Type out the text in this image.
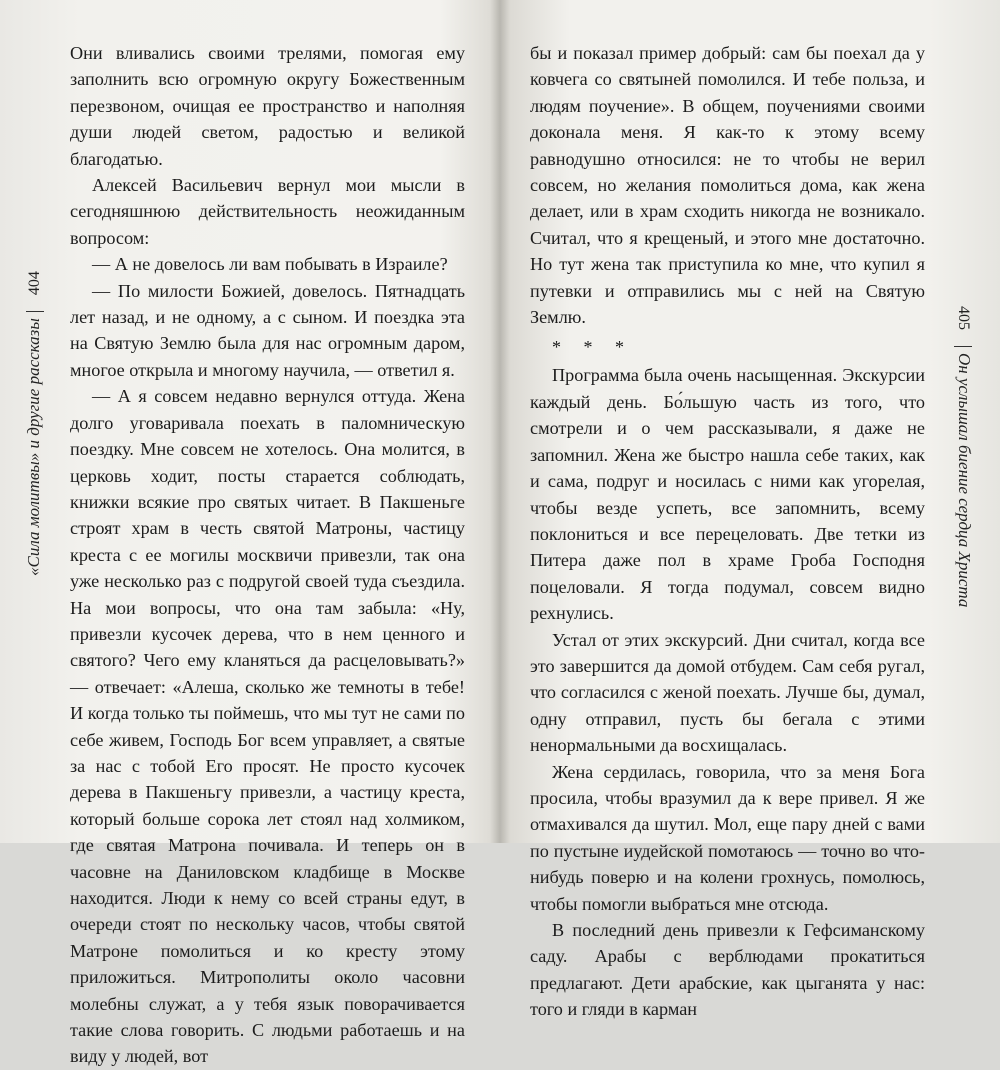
«Сила молитвы» и другие рассказы404

Они вливались своими трелями, помогая ему заполнить всю огромную округу Божественным перезвоном, очищая ее пространство и наполняя души людей светом, радостью и великой благодатью.

Алексей Васильевич вернул мои мысли в сегодняшнюю действительность неожиданным вопросом:

— А не довелось ли вам побывать в Израиле?

— По милости Божией, довелось. Пятнадцать лет назад, и не одному, а с сыном. И поездка эта на Святую Землю была для нас огромным даром, многое открыла и многому научила, — ответил я.

— А я совсем недавно вернулся оттуда. Жена долго уговаривала поехать в паломническую поездку. Мне совсем не хотелось. Она молится, в церковь ходит, посты старается соблюдать, книжки всякие про святых читает. В Пакшеньге строят храм в честь святой Матроны, частицу креста с ее могилы москвичи привезли, так она уже несколько раз с подругой своей туда съездила. На мои вопросы, что она там забыла: «Ну, привезли кусочек дерева, что в нем ценного и святого? Чего ему кланяться да расцеловывать?» — отвечает: «Алеша, сколько же темноты в тебе! И когда только ты поймешь, что мы тут не сами по себе живем, Господь Бог всем управляет, а святые за нас с тобой Его просят. Не просто кусочек дерева в Пакшеньгу привезли, а частицу креста, который больше сорока лет стоял над холмиком, где святая Матрона почивала. И теперь он в часовне на Даниловском кладбище в Москве находится. Люди к нему со всей страны едут, в очереди стоят по нескольку часов, чтобы святой Матроне помолиться и ко кресту этому приложиться. Митрополиты около часовни молебны служат, а у тебя язык поворачивается такие слова говорить. С людьми работаешь и на виду у людей, вот

бы и показал пример добрый: сам бы поехал да у ковчега со святыней помолился. И тебе польза, и людям поучение». В общем, поучениями своими доконала меня. Я как-то к этому всему равнодушно относился: не то чтобы не верил совсем, но желания помолиться дома, как жена делает, или в храм сходить никогда не возникало. Считал, что я крещеный, и этого мне достаточно. Но тут жена так приступила ко мне, что купил я путевки и отправились мы с ней на Святую Землю.

* * *

Программа была очень насыщенная. Экскурсии каждый день. Бо́льшую часть из того, что смотрели и о чем рассказывали, я даже не запомнил. Жена же быстро нашла себе таких, как и сама, подруг и носилась с ними как угорелая, чтобы везде успеть, все запомнить, всему поклониться и все перецеловать. Две тетки из Питера даже пол в храме Гроба Господня поцеловали. Я тогда подумал, совсем видно рехнулись.

Устал от этих экскурсий. Дни считал, когда все это завершится да домой отбудем. Сам себя ругал, что согласился с женой поехать. Лучше бы, думал, одну отправил, пусть бы бегала с этими ненормальными да восхищалась.

Жена сердилась, говорила, что за меня Бога просила, чтобы вразумил да к вере привел. Я же отмахивался да шутил. Мол, еще пару дней с вами по пустыне иудейской помотаюсь — точно во что-нибудь поверю и на колени грохнусь, помолюсь, чтобы помогли выбраться мне отсюда.

В последний день привезли к Гефсиманскому саду. Арабы с верблюдами прокатиться предлагают. Дети арабские, как цыганята у нас: того и гляди в карман

405Он услышал биение сердца Христа
